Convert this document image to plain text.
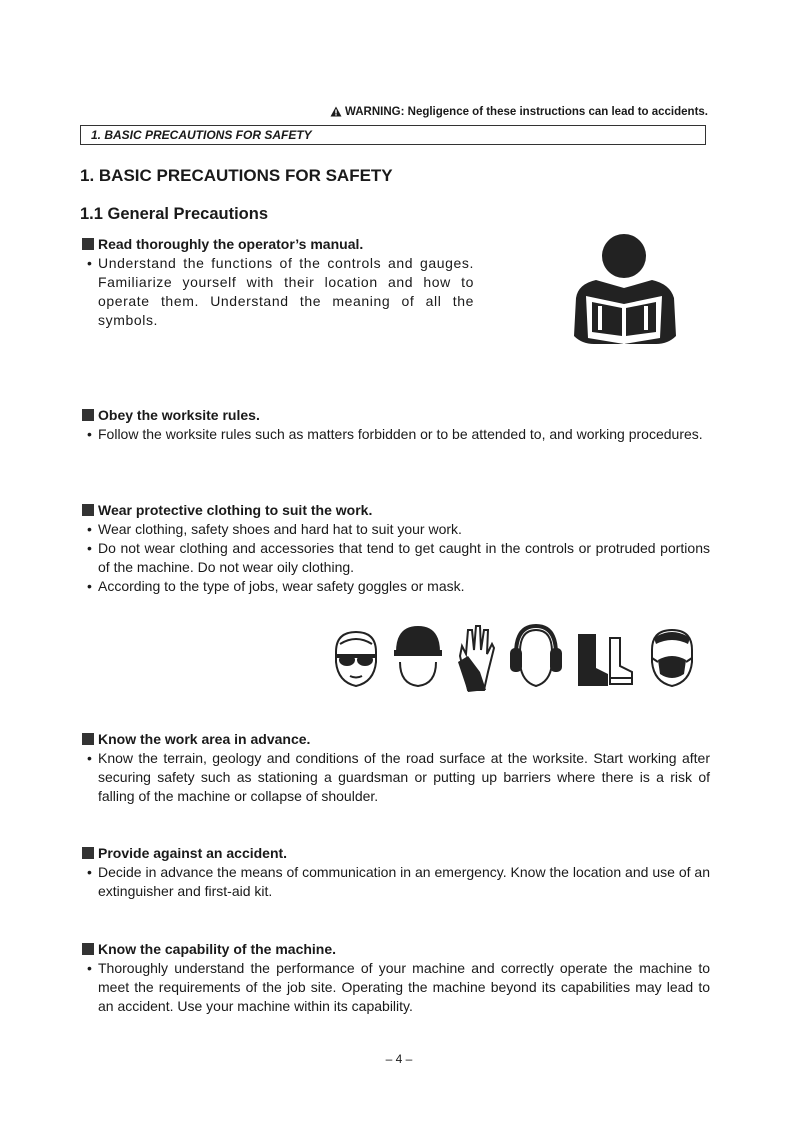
WARNING: Negligence of these instructions can lead to accidents.
1. BASIC PRECAUTIONS FOR SAFETY
1. BASIC PRECAUTIONS FOR SAFETY
1.1 General Precautions
Read thoroughly the operator’s manual.

• Understand the functions of the controls and gauges. Familiarize yourself with their location and how to operate them. Understand the meaning of all the symbols.

Obey the worksite rules.

• Follow the worksite rules such as matters forbidden or to be attended to, and working procedures.

Wear protective clothing to suit the work.

• Wear clothing, safety shoes and hard hat to suit your work.

• Do not wear clothing and accessories that tend to get caught in the controls or protruded portions of the machine. Do not wear oily clothing.

• According to the type of jobs, wear safety goggles or mask.

Know the work area in advance.

• Know the terrain, geology and conditions of the road surface at the worksite. Start working after securing safety such as stationing a guardsman or putting up barriers where there is a risk of falling of the machine or collapse of shoulder.

Provide against an accident.

• Decide in advance the means of communication in an emergency. Know the location and use of an extinguisher and first-aid kit.

Know the capability of the machine.

• Thoroughly understand the performance of your machine and correctly operate the machine to meet the requirements of the job site. Operating the machine beyond its capabilities may lead to an accident. Use your machine within its capability.

– 4 –
